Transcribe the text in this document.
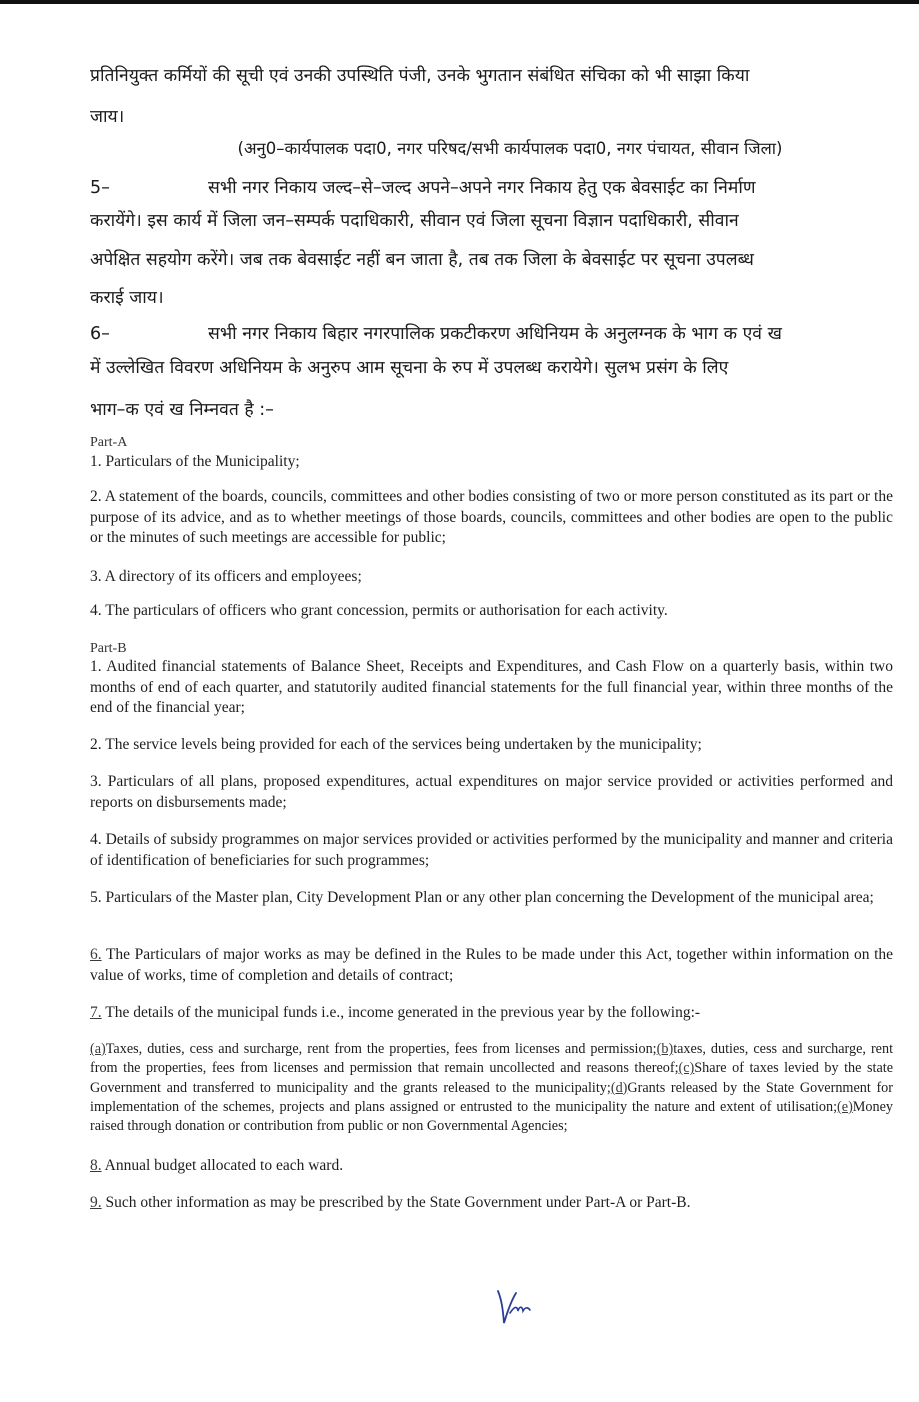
प्रतिनियुक्त कर्मियों की सूची एवं उनकी उपस्थिति पंजी, उनके भुगतान संबंधित संचिका को भी साझा किया
जाय।
(अनु0–कार्यपालक पदा0, नगर परिषद/सभी कार्यपालक पदा0, नगर पंचायत, सीवान जिला)
5–	सभी नगर निकाय जल्द–से–जल्द अपने–अपने नगर निकाय हेतु एक बेवसाईट का निर्माण
करायेंगे। इस कार्य में जिला जन–सम्पर्क पदाधिकारी, सीवान एवं जिला सूचना विज्ञान पदाधिकारी, सीवान
अपेक्षित सहयोग करेंगे। जब तक बेवसाईट नहीं बन जाता है, तब तक जिला के बेवसाईट पर सूचना उपलब्ध
कराई जाय।
6–	सभी नगर निकाय बिहार नगरपालिक प्रकटीकरण अधिनियम के अनुलग्नक के भाग क एवं ख
में उल्लेखित विवरण अधिनियम के अनुरुप आम सूचना के रुप में उपलब्ध करायेगे। सुलभ प्रसंग के लिए
भाग–क एवं ख निम्नवत है :–
Part-A
1. Particulars of the Municipality;
2. A statement of the boards, councils, committees and other bodies consisting of two or more person constituted as its part or the purpose of its advice, and as to whether meetings of those boards, councils, committees and other bodies are open to the public or the minutes of such meetings are accessible for public;
3. A directory of its officers and employees;
4. The particulars of officers who grant concession, permits or authorisation for each activity.
Part-B
1. Audited financial statements of Balance Sheet, Receipts and Expenditures, and Cash Flow on a quarterly basis, within two months of end of each quarter, and statutorily audited financial statements for the full financial year, within three months of the end of the financial year;
2. The service levels being provided for each of the services being undertaken by the municipality;
3. Particulars of all plans, proposed expenditures, actual expenditures on major service provided or activities performed and reports on disbursements made;
4. Details of subsidy programmes on major services provided or activities performed by the municipality and manner and criteria of identification of beneficiaries for such programmes;
5. Particulars of the Master plan, City Development Plan or any other plan concerning the Development of the municipal area;
6. The Particulars of major works as may be defined in the Rules to be made under this Act, together within information on the value of works, time of completion and details of contract;
7. The details of the municipal funds i.e., income generated in the previous year by the following:-
(a)Taxes, duties, cess and surcharge, rent from the properties, fees from licenses and permission;(b)taxes, duties, cess and surcharge, rent from the properties, fees from licenses and permission that remain uncollected and reasons thereof;(c)Share of taxes levied by the state Government and transferred to municipality and the grants released to the municipality;(d)Grants released by the State Government for implementation of the schemes, projects and plans assigned or entrusted to the municipality the nature and extent of utilisation;(e)Money raised through donation or contribution from public or non Governmental Agencies;
8. Annual budget allocated to each ward.
9. Such other information as may be prescribed by the State Government under Part-A or Part-B.
